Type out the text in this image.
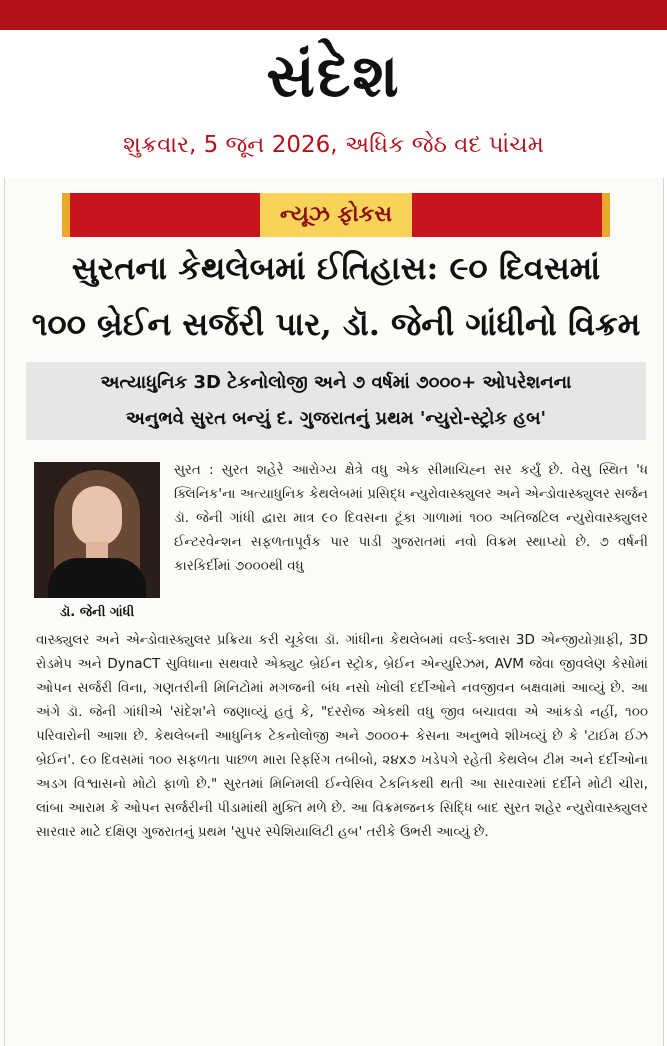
સંદેશ
શુક્રવાર, 5 જૂન 2026, અધિક જેઠ વદ પાંચમ
ન્યૂઝ ફોકસ
સુરતના કેથલેબમાં ઈતિહાસ: ૯૦ દિવસમાં
૧૦૦ બ્રેઈન સર્જરી પાર, ડૉ. જેની ગાંધીનો વિક્રમ
અત્યાધુનિક 3D ટેકનોલોજી અને ૭ વર્ષમાં ૭૦૦૦+ ઓપરેશનના
અનુભવે સુરત બન્યું દ. ગુજરાતનું પ્રથમ 'ન્યુરો-સ્ટ્રોક હબ'
ડૉ. જેની ગાંધી
સુરત : સુરત શહેરે આરોગ્ય ક્ષેત્રે વધુ એક સીમાચિહ્ન સર કર્યું છે. વેસુ સ્થિત 'ધ ક્લિનિક'ના અત્યાધુનિક કેથલેબમાં પ્રસિદ્ધ ન્યુરોવાસ્ક્યુલર અને એન્ડોવાસ્ક્યુલર સર્જન ડૉ. જેની ગાંધી દ્વારા માત્ર ૯૦ દિવસના ટૂંકા ગાળામાં ૧૦૦ અતિજટિલ ન્યુરોવાસ્ક્યુલર ઈન્ટરવેન્શન સફળતાપૂર્વક પાર પાડી ગુજરાતમાં નવો વિક્રમ સ્થાપ્યો છે. ૭ વર્ષની કારકિર્દીમાં ૭૦૦૦થી વધુ
વાસ્ક્યુલર અને એન્ડોવાસ્ક્યુલર પ્રક્રિયા કરી ચૂકેલા ડૉ. ગાંધીના કેથલેબમાં વર્લ્ડ-ક્લાસ 3D એન્જીયોગ્રાફી, 3D રોડમેપ અને DynaCT સુવિધાના સથવારે એક્યુટ બ્રેઈન સ્ટ્રોક, બ્રેઈન એન્યુરિઝમ, AVM જેવા જીવલેણ કેસોમાં ઓપન સર્જરી વિના, ગણતરીની મિનિટોમાં મગજની બંધ નસો ખોલી દર્દીઓને નવજીવન બક્ષવામાં આવ્યું છે. આ અંગે ડૉ. જેની ગાંધીએ 'સંદેશ'ને જણાવ્યું હતું કે, "દરરોજ એકથી વધુ જીવ બચાવવા એ આંકડો નહીં, ૧૦૦ પરિવારોની આશા છે. કેથલેબની આધુનિક ટેકનોલોજી અને ૭૦૦૦+ કેસના અનુભવે શીખવ્યું છે કે 'ટાઈમ ઈઝ બ્રેઈન'. ૯૦ દિવસમાં ૧૦૦ સફળતા પાછળ મારા રિફરિંગ તબીબો, ૨૪x૭ ખડેપગે રહેતી કેથલેબ ટીમ અને દર્દીઓના અડગ વિશ્વાસનો મોટો ફાળો છે." સુરતમાં મિનિમલી ઈન્વેસિવ ટેકનિકથી થતી આ સારવારમાં દર્દીને મોટી ચીરા, લાંબા આરામ કે ઓપન સર્જરીની પીડામાંથી મુક્તિ મળે છે. આ વિક્રમજનક સિદ્ધિ બાદ સુરત શહેર ન્યુરોવાસ્ક્યુલર સારવાર માટે દક્ષિણ ગુજરાતનું પ્રથમ 'સુપર સ્પેશિયાલિટી હબ' તરીકે ઉભરી આવ્યું છે.
